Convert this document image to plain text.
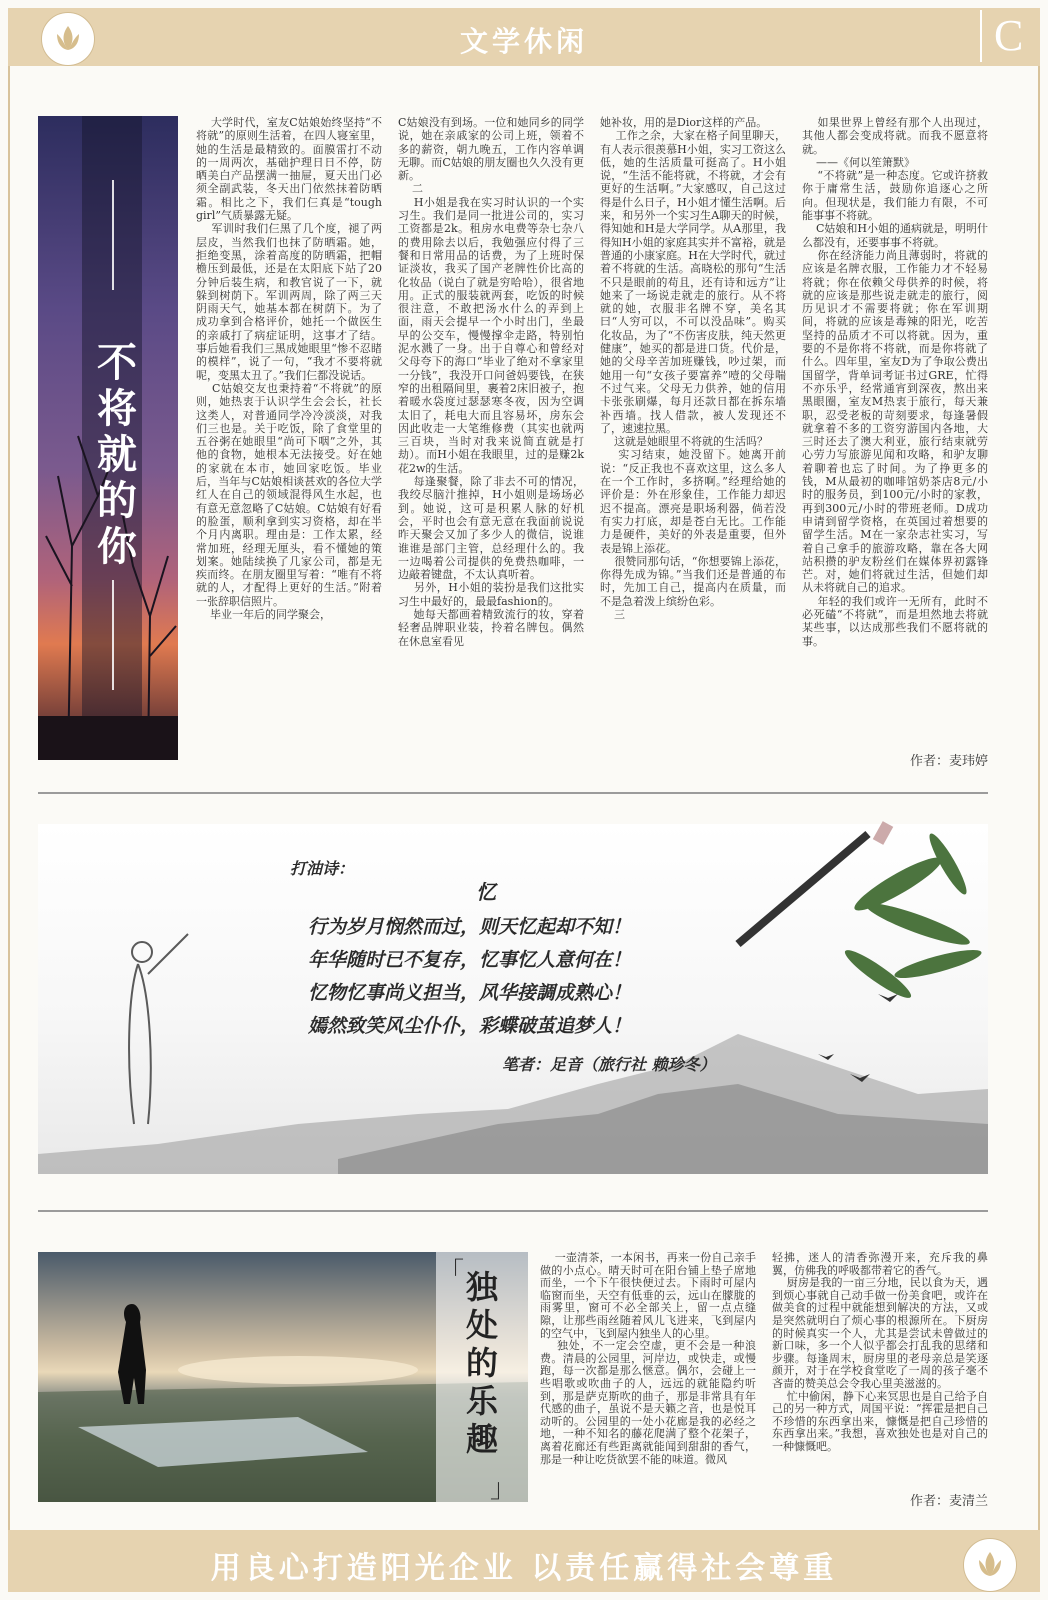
文学休闲	C
不将就的你
大学时代，室友C姑娘始终坚持“不将就”的原则生活着，在四人寝室里，她的生活是最精致的。面膜雷打不动的一周两次，基础护理日日不停，防晒美白产品摆满一抽屉，夏天出门必须全副武装，冬天出门依然抹着防晒霜。相比之下，我们仨真是“tough girl”气质暴露无疑。
军训时我们仨黑了几个度，褪了两层皮，当然我们也抹了防晒霜。她，拒绝变黑，涂着高度的防晒霜，把帽檐压到最低，还是在太阳底下站了20分钟后装生病，和教官说了一下，就躲到树荫下。军训两周，除了两三天阴雨天气，她基本都在树荫下。为了成功拿到合格评价，她托一个做医生的亲戚打了病症证明，这事才了结。事后她看我们三黑成她眼里“惨不忍睹的模样”，说了一句，“我才不要将就呢，变黑太丑了。”我们仨都没说话。
C姑娘交友也秉持着“不将就”的原则，她热衷于认识学生会会长，社长这类人，对普通同学冷冷淡淡，对我们三也是。关于吃饭，除了食堂里的五谷粥在她眼里“尚可下咽”之外，其他的食物，她根本无法接受。好在她的家就在本市，她回家吃饭。毕业后，当年与C姑娘相谈甚欢的各位大学红人在自己的领域混得风生水起，也有意无意忽略了C姑娘。C姑娘有好看的脸蛋，顺利拿到实习资格，却在半个月内离职。理由是：工作太累，经常加班，经理无厘头，看不懂她的策划案。她陆续换了几家公司，都是无疾而终。在朋友圈里写着：“唯有不将就的人，才配得上更好的生活。”附着一张辞职信照片。
毕业一年后的同学聚会，
C姑娘没有到场。一位和她同乡的同学说，她在亲戚家的公司上班，领着不多的薪资，朝九晚五，工作内容单调无聊。而C姑娘的朋友圈也久久没有更新。
二
H小姐是我在实习时认识的一个实习生。我们是同一批进公司的，实习工资都是2k。租房水电费等杂七杂八的费用除去以后，我勉强应付得了三餐和日常用品的话费，为了上班时保证淡妆，我买了国产老牌性价比高的化妆品（说白了就是穷哈哈），很省地用。正式的服装就两套，吃饭的时候很注意，不敢把汤水什么的弄到上面，雨天会提早一个小时出门，坐最早的公交车，慢慢撑伞走路，特别怕泥水溅了一身。出于自尊心和曾经对父母夸下的海口“毕业了绝对不拿家里一分钱”，我没开口问爸妈要钱，在狭窄的出租隔间里，裹着2床旧被子，抱着暖水袋度过瑟瑟寒冬夜，因为空调太旧了，耗电大而且容易坏，房东会因此收走一大笔维修费（其实也就两三百块，当时对我来说简直就是打劫）。而H小姐在我眼里，过的是赚2k花2w的生活。
每逢聚餐，除了非去不可的情况，我绞尽脑汁推掉，H小姐则是场场必到。她说，这可是积累人脉的好机会，平时也会有意无意在我面前说说昨天聚会又加了多少人的微信，说谁谁谁是部门主管，总经理什么的。我一边喝着公司提供的免费热咖啡，一边敲着键盘，不太认真听着。
另外，H小姐的装扮是我们这批实习生中最好的，最最fashion的。
她每天都画着精致流行的妆，穿着轻奢品牌职业装，拎着名牌包。偶然在休息室看见
她补妆，用的是Dior这样的产品。
工作之余，大家在格子间里聊天，有人表示很羡慕H小姐，实习工资这么低，她的生活质量可挺高了。H小姐说，“生活不能将就，不将就，才会有更好的生活啊。”大家感叹，自己这过得是什么日子，H小姐才懂生活啊。后来，和另外一个实习生A聊天的时候，得知她和H是大学同学。从A那里，我得知H小姐的家庭其实并不富裕，就是普通的小康家庭。H在大学时代，就过着不将就的生活。高晓松的那句“生活不只是眼前的苟且，还有诗和远方”让她来了一场说走就走的旅行。从不将就的她，衣服非名牌不穿，美名其曰“人穷可以，不可以没品味”。购买化妆品，为了“不伤害皮肤，纯天然更健康”，她买的都是进口货。代价是，她的父母辛苦加班赚钱，吵过架，而她用一句“女孩子要富养”噎的父母喘不过气来。父母无力供养，她的信用卡张张刷爆，每月还款日都在拆东墙补西墙。找人借款，被人发现还不了，速速拉黑。
这就是她眼里不将就的生活吗？
实习结束，她没留下。她离开前说：“反正我也不喜欢这里，这么多人在一个工作时，多挤啊。”经理给她的评价是：外在形象佳，工作能力却迟迟不提高。漂亮是职场利器，倘若没有实力打底，却是苍白无比。工作能力是硬件，美好的外表是重要，但外表是锦上添花。
很赞同那句话，“你想要锦上添花，你得先成为锦。”当我们还是普通的布时，先加工自己，提高内在质量，而不是急着泼上缤纷色彩。
三
如果世界上曾经有那个人出现过，其他人都会变成将就。而我不愿意将就。
——《何以笙箫默》
“不将就”是一种态度。它或许挤救你于庸常生活，鼓励你追逐心之所向。但现状是，我们能力有限，不可能事事不将就。
C姑娘和H小姐的通病就是，明明什么都没有，还要事事不将就。
你在经济能力尚且薄弱时，将就的应该是名牌衣服，工作能力才不轻易将就；你在依赖父母供养的时候，将就的应该是那些说走就走的旅行，阅历见识才不需要将就；你在军训期间，将就的应该是毒辣的阳光，吃苦坚持的品质才不可以将就。因为，重要的不是你将不将就，而是你将就了什么。四年里，室友D为了争取公费出国留学，背单词考证书过GRE，忙得不亦乐乎，经常通宵到深夜，熬出来黑眼圈，室友M热衷于旅行，每天兼职，忍受老板的苛刻要求，每逢暑假就拿着不多的工资穷游国内各地，大三时还去了澳大利亚，旅行结束就劳心劳力写旅游见闻和攻略，和驴友聊着聊着也忘了时间。为了挣更多的钱，M从最初的咖啡馆奶茶店8元/小时的服务员，到100元/小时的家教，再到300元/小时的带班老师。D成功申请到留学资格，在英国过着想要的留学生活。M在一家杂志社实习，写着自己拿手的旅游攻略，靠在各大网站积攒的驴友粉丝们在媒体界初露锋芒。对，她们将就过生活，但她们却从未将就自己的追求。
年轻的我们或许一无所有，此时不必死磕“不将就”，而是坦然地去将就某些事，以达成那些我们不愿将就的事。
作者：麦玮婷
打油诗：
忆
行为岁月悯然而过，则天忆起却不知！
年华随时已不复存，忆事忆人意何在！
忆物忆事尚义担当，风华接調成熟心！
嫣然致笑风尘仆仆，彩蝶破茧追梦人！
笔者：足音（旅行社 赖珍冬）
「 独
处
的
乐
趣
」
一壶清茶，一本闲书，再来一份自己亲手做的小点心。晴天时可在阳台铺上垫子席地而坐，一个下午很快便过去。下雨时可屋内临窗而坐，天空有低垂的云，远山在朦胧的雨雾里，窗可不必全部关上，留一点点缝隙，让那些雨丝随着风儿飞进来，飞到屋内的空气中，飞到屋内独坐人的心里。
独处，不一定会空虚，更不会是一种浪费。清晨的公园里，河岸边，或快走，或慢跑，每一次都是那么惬意。偶尔，会碰上一些唱歌或吹曲子的人，远远的就能隐约听到，那是萨克斯吹的曲子，那是非常具有年代感的曲子，虽说不是天籁之音，也是悦耳动听的。公园里的一处小花廊是我的必经之地，一种不知名的藤花爬满了整个花架子，离着花廊还有些距离就能闻到甜甜的香气，那是一种让吃货欲罢不能的味道。微风
轻拂，迷人的清香弥漫开来，充斥我的鼻翼，仿佛我的呼吸都带着它的香气。
厨房是我的一亩三分地，民以食为天，遇到烦心事就自己动手做一份美食吧，或许在做美食的过程中就能想到解决的方法，又或是突然就明白了烦心事的根源所在。下厨房的时候真实一个人，尤其是尝试未曾做过的新口味，多一个人似乎都会打乱我的思绪和步骤。每逢周末，厨房里的老母亲总是笑逐颜开，对于在学校食堂吃了一周的孩子毫不吝啬的赞美总会令我心里美滋滋的。
忙中偷闲，静下心来冥思也是自己给予自己的另一种方式，周国平说：“挥霍是把自己不珍惜的东西拿出来，慷慨是把自己珍惜的东西拿出来。”我想，喜欢独处也是对自己的一种慷慨吧。
作者：麦清兰
用良心打造阳光企业 以责任赢得社会尊重
